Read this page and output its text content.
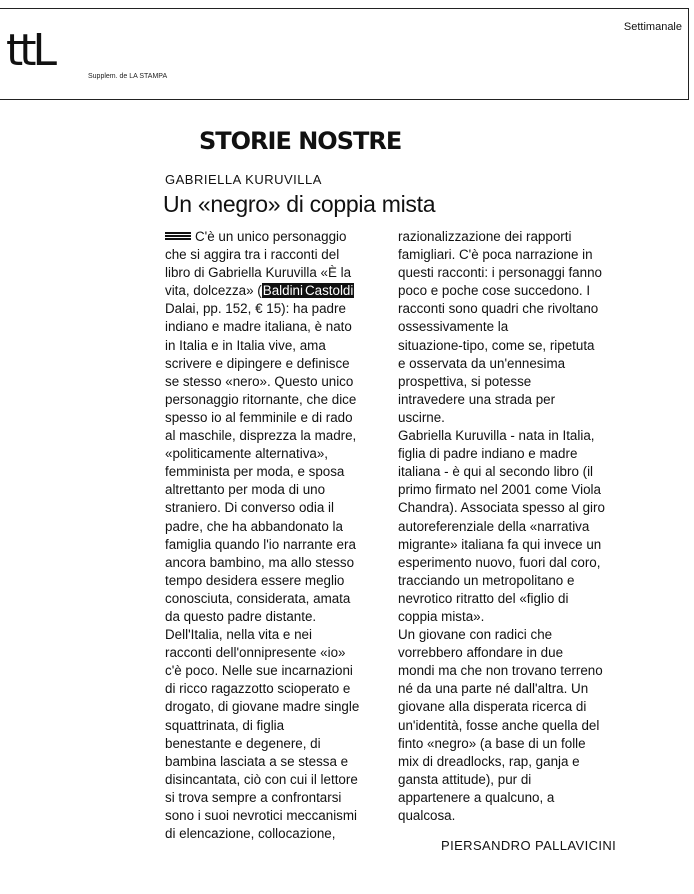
ttL
Supplem. de LA STAMPA
Settimanale
STORIE NOSTRE
GABRIELLA KURUVILLA
Un «negro» di coppia mista

C'è un unico personaggio

che si aggira tra i racconti del

libro di Gabriella Kuruvilla «È la

vita, dolcezza» (Baldini Castoldi

Dalai, pp. 152, € 15): ha padre

indiano e madre italiana, è nato

in Italia e in Italia vive, ama

scrivere e dipingere e definisce

se stesso «nero». Questo unico

personaggio ritornante, che dice

spesso io al femminile e di rado

al maschile, disprezza la madre,

«politicamente alternativa»,

femminista per moda, e sposa

altrettanto per moda di uno

straniero. Di converso odia il

padre, che ha abbandonato la

famiglia quando l'io narrante era

ancora bambino, ma allo stesso

tempo desidera essere meglio

conosciuta, considerata, amata

da questo padre distante.

Dell'Italia, nella vita e nei

racconti dell'onnipresente «io»

c'è poco. Nelle sue incarnazioni

di ricco ragazzotto scioperato e

drogato, di giovane madre single

squattrinata, di figlia

benestante e degenere, di

bambina lasciata a se stessa e

disincantata, ciò con cui il lettore

si trova sempre a confrontarsi

sono i suoi nevrotici meccanismi

di elencazione, collocazione,

razionalizzazione dei rapporti

famigliari. C'è poca narrazione in

questi racconti: i personaggi fanno

poco e poche cose succedono. I

racconti sono quadri che rivoltano

ossessivamente la

situazione-tipo, come se, ripetuta

e osservata da un'ennesima

prospettiva, si potesse

intravedere una strada per

uscirne.

Gabriella Kuruvilla - nata in Italia,

figlia di padre indiano e madre

italiana - è qui al secondo libro (il

primo firmato nel 2001 come Viola

Chandra). Associata spesso al giro

autoreferenziale della «narrativa

migrante» italiana fa qui invece un

esperimento nuovo, fuori dal coro,

tracciando un metropolitano e

nevrotico ritratto del «figlio di

coppia mista».

Un giovane con radici che

vorrebbero affondare in due

mondi ma che non trovano terreno

né da una parte né dall'altra. Un

giovane alla disperata ricerca di

un'identità, fosse anche quella del

finto «negro» (a base di un folle

mix di dreadlocks, rap, ganja e

gansta attitude), pur di

appartenere a qualcuno, a

qualcosa.

PIERSANDRO PALLAVICINI
